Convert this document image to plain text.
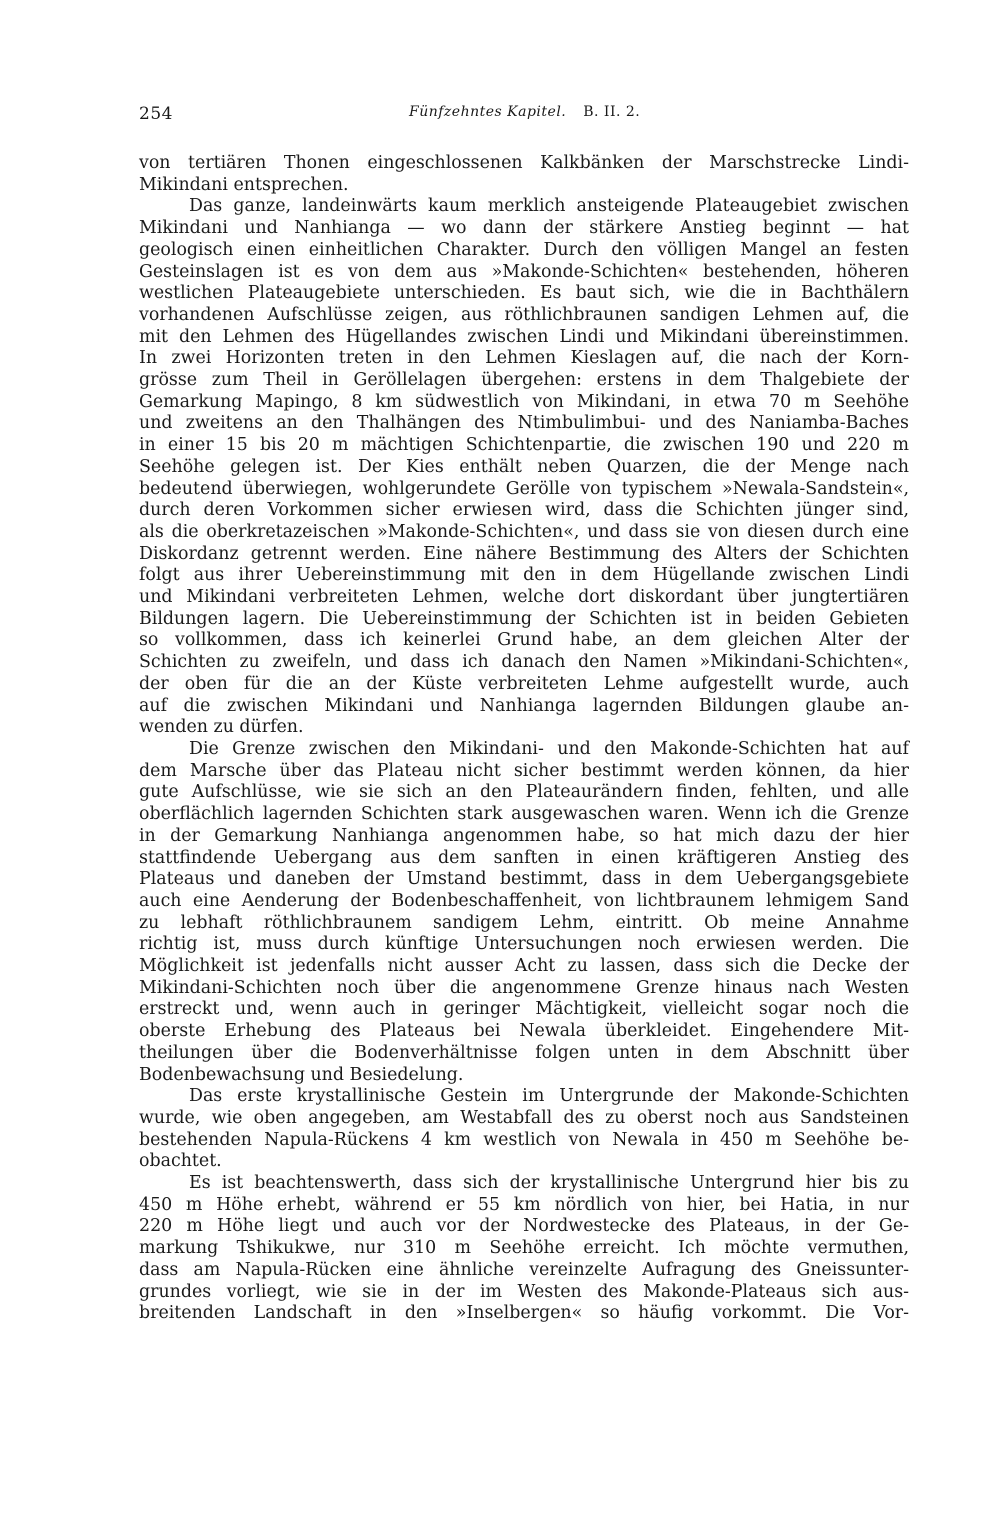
254	Fünfzehntes Kapitel. B. II. 2.
von tertiären Thonen eingeschlossenen Kalkbänken der Marschstrecke Lindi-
Mikindani entsprechen.
Das ganze, landeinwärts kaum merklich ansteigende Plateaugebiet zwischen
Mikindani und Nanhianga — wo dann der stärkere Anstieg beginnt — hat
geologisch einen einheitlichen Charakter. Durch den völligen Mangel an festen
Gesteinslagen ist es von dem aus »Makonde-Schichten« bestehenden, höheren
westlichen Plateaugebiete unterschieden. Es baut sich, wie die in Bachthälern
vorhandenen Aufschlüsse zeigen, aus röthlichbraunen sandigen Lehmen auf, die
mit den Lehmen des Hügellandes zwischen Lindi und Mikindani übereinstimmen.
In zwei Horizonten treten in den Lehmen Kieslagen auf, die nach der Korn-
grösse zum Theil in Geröllelagen übergehen: erstens in dem Thalgebiete der
Gemarkung Mapingo, 8 km südwestlich von Mikindani, in etwa 70 m Seehöhe
und zweitens an den Thalhängen des Ntimbulimbui- und des Naniamba-Baches
in einer 15 bis 20 m mächtigen Schichtenpartie, die zwischen 190 und 220 m
Seehöhe gelegen ist. Der Kies enthält neben Quarzen, die der Menge nach
bedeutend überwiegen, wohlgerundete Gerölle von typischem »Newala-Sandstein«,
durch deren Vorkommen sicher erwiesen wird, dass die Schichten jünger sind,
als die oberkretazeischen »Makonde-Schichten«, und dass sie von diesen durch eine
Diskordanz getrennt werden. Eine nähere Bestimmung des Alters der Schichten
folgt aus ihrer Uebereinstimmung mit den in dem Hügellande zwischen Lindi
und Mikindani verbreiteten Lehmen, welche dort diskordant über jungtertiären
Bildungen lagern. Die Uebereinstimmung der Schichten ist in beiden Gebieten
so vollkommen, dass ich keinerlei Grund habe, an dem gleichen Alter der
Schichten zu zweifeln, und dass ich danach den Namen »Mikindani-Schichten«,
der oben für die an der Küste verbreiteten Lehme aufgestellt wurde, auch
auf die zwischen Mikindani und Nanhianga lagernden Bildungen glaube an-
wenden zu dürfen.
Die Grenze zwischen den Mikindani- und den Makonde-Schichten hat auf
dem Marsche über das Plateau nicht sicher bestimmt werden können, da hier
gute Aufschlüsse, wie sie sich an den Plateaurändern finden, fehlten, und alle
oberflächlich lagernden Schichten stark ausgewaschen waren. Wenn ich die Grenze
in der Gemarkung Nanhianga angenommen habe, so hat mich dazu der hier
stattfindende Uebergang aus dem sanften in einen kräftigeren Anstieg des
Plateaus und daneben der Umstand bestimmt, dass in dem Uebergangsgebiete
auch eine Aenderung der Bodenbeschaffenheit, von lichtbraunem lehmigem Sand
zu lebhaft röthlichbraunem sandigem Lehm, eintritt. Ob meine Annahme
richtig ist, muss durch künftige Untersuchungen noch erwiesen werden. Die
Möglichkeit ist jedenfalls nicht ausser Acht zu lassen, dass sich die Decke der
Mikindani-Schichten noch über die angenommene Grenze hinaus nach Westen
erstreckt und, wenn auch in geringer Mächtigkeit, vielleicht sogar noch die
oberste Erhebung des Plateaus bei Newala überkleidet. Eingehendere Mit-
theilungen über die Bodenverhältnisse folgen unten in dem Abschnitt über
Bodenbewachsung und Besiedelung.
Das erste krystallinische Gestein im Untergrunde der Makonde-Schichten
wurde, wie oben angegeben, am Westabfall des zu oberst noch aus Sandsteinen
bestehenden Napula-Rückens 4 km westlich von Newala in 450 m Seehöhe be-
obachtet.
Es ist beachtenswerth, dass sich der krystallinische Untergrund hier bis zu
450 m Höhe erhebt, während er 55 km nördlich von hier, bei Hatia, in nur
220 m Höhe liegt und auch vor der Nordwestecke des Plateaus, in der Ge-
markung Tshikukwe, nur 310 m Seehöhe erreicht. Ich möchte vermuthen,
dass am Napula-Rücken eine ähnliche vereinzelte Aufragung des Gneissunter-
grundes vorliegt, wie sie in der im Westen des Makonde-Plateaus sich aus-
breitenden Landschaft in den »Inselbergen« so häufig vorkommt. Die Vor-
